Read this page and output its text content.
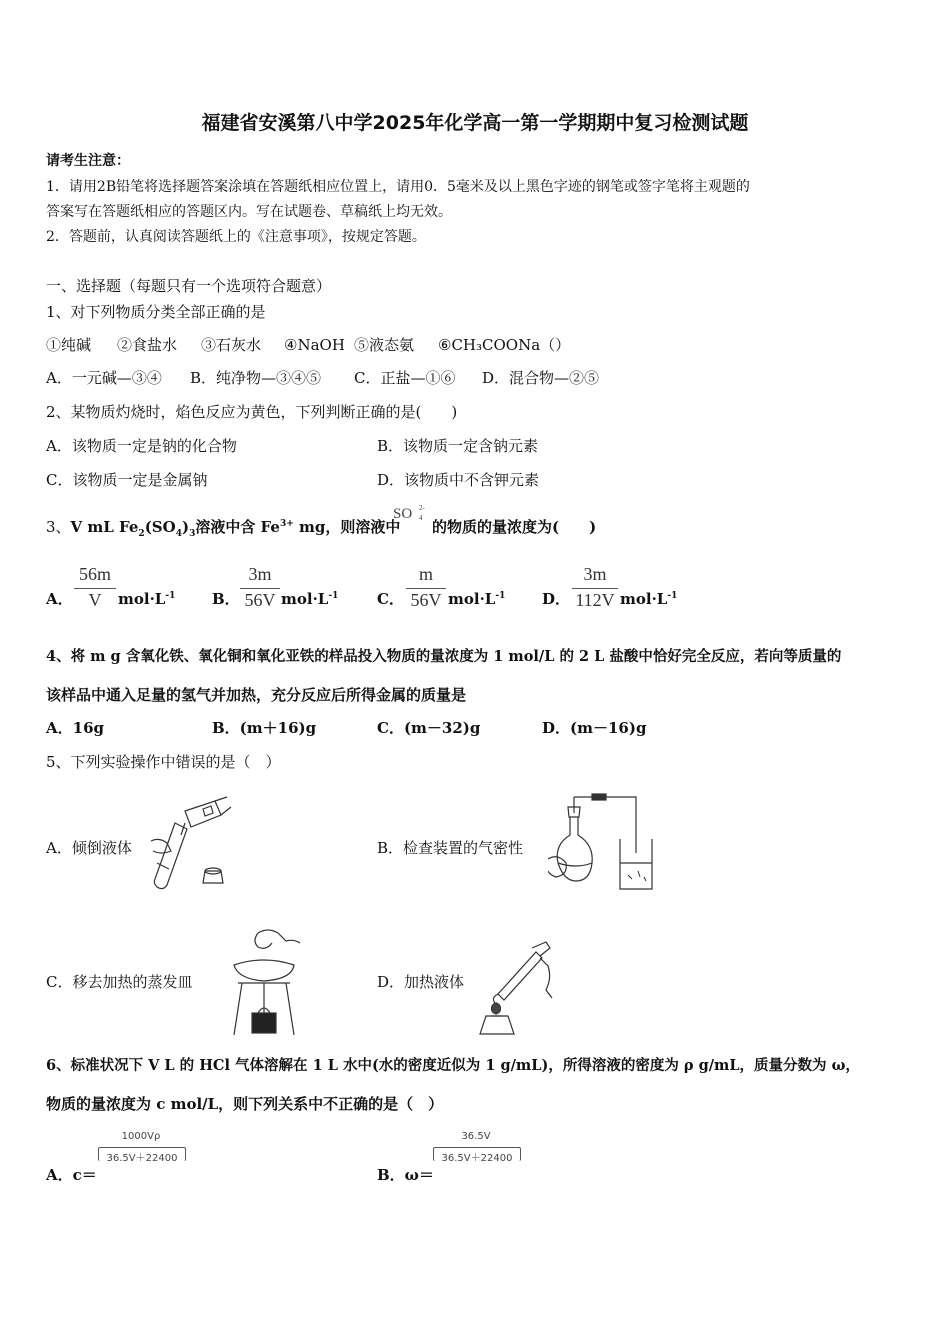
福建省安溪第八中学2025年化学高一第一学期期中复习检测试题
请考生注意：
1．请用2B铅笔将选择题答案涂填在答题纸相应位置上，请用0．5毫米及以上黑色字迹的钢笔或签字笔将主观题的
答案写在答题纸相应的答题区内。写在试题卷、草稿纸上均无效。
2．答题前，认真阅读答题纸上的《注意事项》，按规定答题。
一、选择题（每题只有一个选项符合题意）
1、对下列物质分类全部正确的是
①纯碱 ②食盐水 ③石灰水 ④NaOH ⑤液态氨 ⑥CH₃COONa（）
A．一元碱—③④ B．纯净物—③④⑤ C．正盐—①⑥ D．混合物—②⑤
2、某物质灼烧时，焰色反应为黄色，下列判断正确的是(　　)
A．该物质一定是钠的化合物	B．该物质一定含钠元素
C．该物质一定是金属钠	D．该物质中不含钾元素
3、V mL $Fe_2(SO_4)_3$溶液中含 $Fe^{3+}$ mg，则溶液中
SO 2-
4 的物质的量浓度为(　　)
A．
56m
V	$mol\cdot L^{-1}$ B．
3m
56V $mol\cdot L^{-1}$	C．
m
56V $mol\cdot L^{-1}$ D．
3m
112V $mol\cdot L^{-1}$
4、将 m g 含氧化铁、氧化铜和氧化亚铁的样品投入物质的量浓度为 1 mol/L 的 2 L 盐酸中恰好完全反应，若向等质量的
该样品中通入足量的氢气并加热，充分反应后所得金属的质量是
A．16g	B．(m＋16)g	C．(m－32)g	D．(m－16)g
5、下列实验操作中错误的是（　）
A．倾倒液体	B．检查装置的气密性
C．移去加热的蒸发皿	D．加热液体
6、标准状况下 V L 的 HCl 气体溶解在 1 L 水中(水的密度近似为 1 g/mL)，所得溶液的密度为 ρ g/mL，质量分数为 ω，
物质的量浓度为 c mol/L，则下列关系中不正确的是（　）
1000Vρ
36.5V＋22400
A．c＝
36.5V
36.5V＋22400
B．ω＝
